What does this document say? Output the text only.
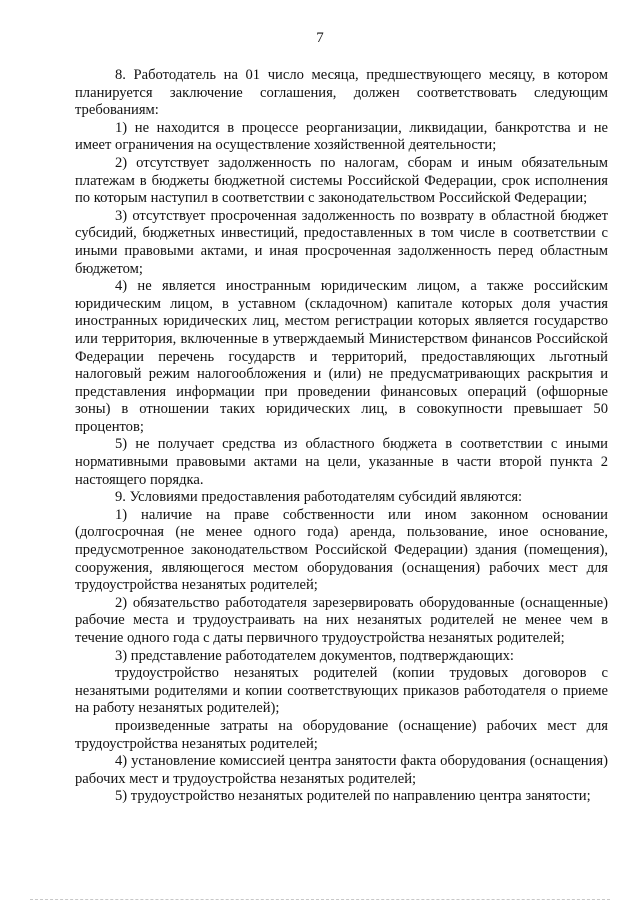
7

8. Работодатель на 01 число месяца, предшествующего месяцу, в котором планируется заключение соглашения, должен соответствовать следующим требованиям:

1) не находится в процессе реорганизации, ликвидации, банкротства и не имеет ограничения на осуществление хозяйственной деятельности;

2) отсутствует задолженность по налогам, сборам и иным обязательным платежам в бюджеты бюджетной системы Российской Федерации, срок исполнения по которым наступил в соответствии с законодательством Российской Федерации;

3) отсутствует просроченная задолженность по возврату в областной бюджет субсидий, бюджетных инвестиций, предоставленных в том числе в соответствии с иными правовыми актами, и иная просроченная задолженность перед областным бюджетом;

4) не является иностранным юридическим лицом, а также российским юридическим лицом, в уставном (складочном) капитале которых доля участия иностранных юридических лиц, местом регистрации которых является государство или территория, включенные в утверждаемый Министерством финансов Российской Федерации перечень государств и территорий, предоставляющих льготный налоговый режим налогообложения и (или) не предусматривающих раскрытия и представления информации при проведении финансовых операций (офшорные зоны) в отношении таких юридических лиц, в совокупности превышает 50 процентов;

5) не получает средства из областного бюджета в соответствии с иными нормативными правовыми актами на цели, указанные в части второй пункта 2 настоящего порядка.

9. Условиями предоставления работодателям субсидий являются:

1) наличие на праве собственности или ином законном основании (долгосрочная (не менее одного года) аренда, пользование, иное основание, предусмотренное законодательством Российской Федерации) здания (помещения), сооружения, являющегося местом оборудования (оснащения) рабочих мест для трудоустройства незанятых родителей;

2) обязательство работодателя зарезервировать оборудованные (оснащенные) рабочие места и трудоустраивать на них незанятых родителей не менее чем в течение одного года с даты первичного трудоустройства незанятых родителей;

3) представление работодателем документов, подтверждающих:

трудоустройство незанятых родителей (копии трудовых договоров с незанятыми родителями и копии соответствующих приказов работодателя о приеме на работу незанятых родителей);

произведенные затраты на оборудование (оснащение) рабочих мест для трудоустройства незанятых родителей;

4) установление комиссией центра занятости факта оборудования (оснащения) рабочих мест и трудоустройства незанятых родителей;

5) трудоустройство незанятых родителей по направлению центра занятости;
